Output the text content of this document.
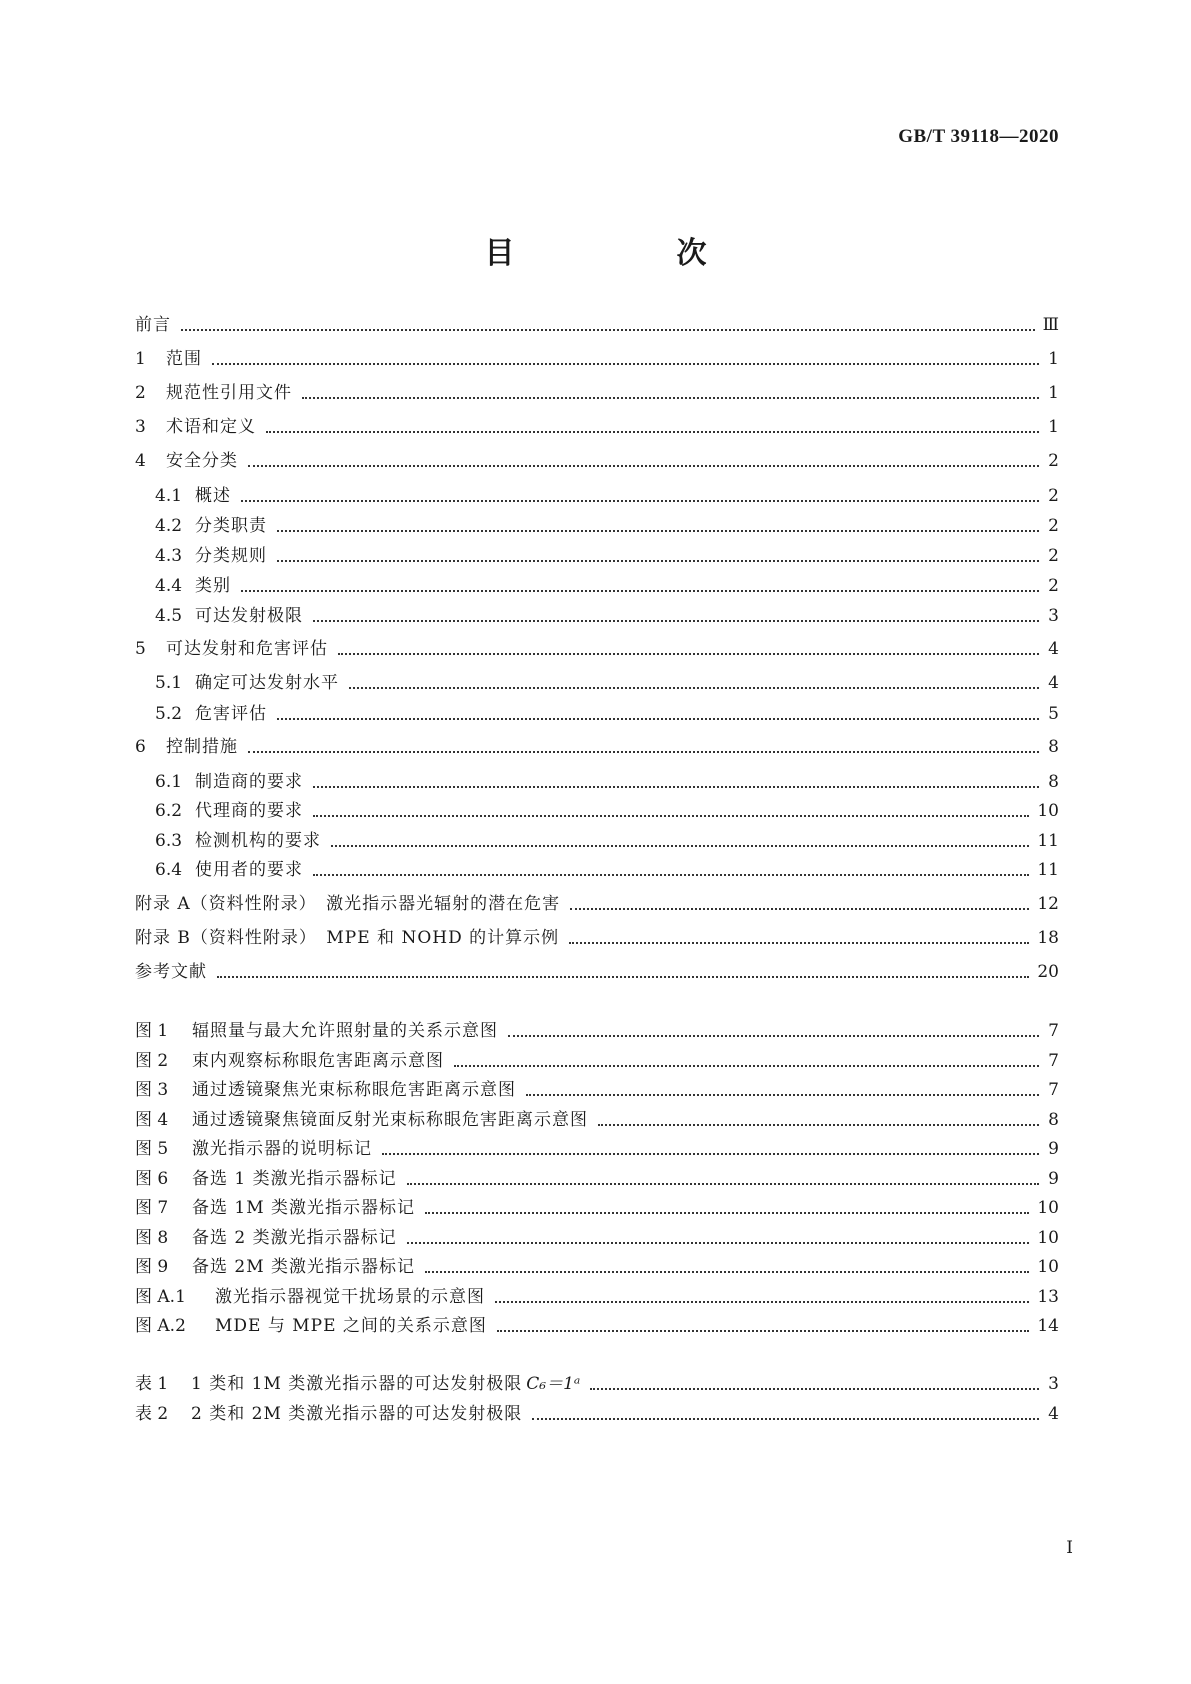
GB/T 39118—2020
目　次
前言	Ⅲ
1	范围	1
2	规范性引用文件	1
3	术语和定义	1
4	安全分类	2
4.1 概述	2
4.2 分类职责	2
4.3 分类规则	2
4.4 类别	2
4.5 可达发射极限	3
5	可达发射和危害评估	4
5.1 确定可达发射水平	4
5.2 危害评估	5
6	控制措施	8
6.1 制造商的要求	8
6.2 代理商的要求	10
6.3 检测机构的要求	11
6.4 使用者的要求	11
附录 A（资料性附录）　激光指示器光辐射的潜在危害	12
附录 B（资料性附录）　MPE 和 NOHD 的计算示例	18
参考文献	20
图 1	辐照量与最大允许照射量的关系示意图	7
图 2	束内观察标称眼危害距离示意图	7
图 3	通过透镜聚焦光束标称眼危害距离示意图	7
图 4	通过透镜聚焦镜面反射光束标称眼危害距离示意图	8
图 5	激光指示器的说明标记	9
图 6	备选 1 类激光指示器标记	9
图 7	备选 1M 类激光指示器标记	10
图 8	备选 2 类激光指示器标记	10
图 9	备选 2M 类激光指示器标记	10
图 A.1	激光指示器视觉干扰场景的示意图	13
图 A.2	MDE 与 MPE 之间的关系示意图	14
表 1	1 类和 1M 类激光指示器的可达发射极限 C₆＝1ᵃ	3
表 2	2 类和 2M 类激光指示器的可达发射极限	4
I
